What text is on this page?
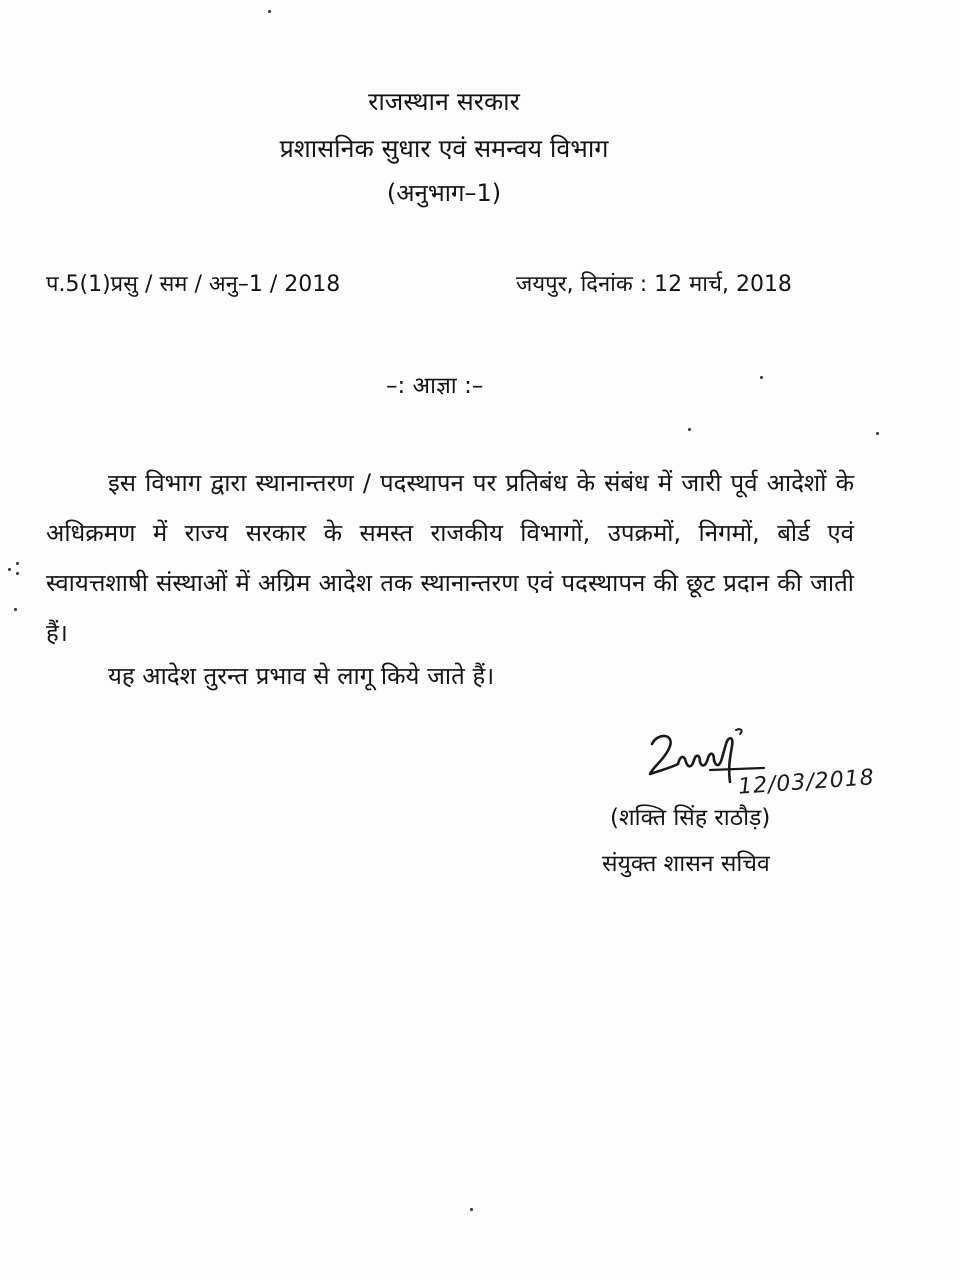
राजस्थान सरकार
प्रशासनिक सुधार एवं समन्वय विभाग
(अनुभाग–1)
प.5(1)प्रसु / सम / अनु–1 / 2018	जयपुर, दिनांक : 12 मार्च, 2018
–: आज्ञा :–
इस विभाग द्वारा स्थानान्तरण / पदस्थापन पर प्रतिबंध के संबंध में जारी पूर्व आदेशों के अधिक्रमण में राज्य सरकार के समस्त राजकीय विभागों, उपक्रमों, निगमों, बोर्ड एवं स्वायत्तशाषी संस्थाओं में अग्रिम आदेश तक स्थानान्तरण एवं पदस्थापन की छूट प्रदान की जाती हैं।
यह आदेश तुरन्त प्रभाव से लागू किये जाते हैं।
12/03/2018
(शक्ति सिंह राठौड़)
संयुक्त शासन सचिव
